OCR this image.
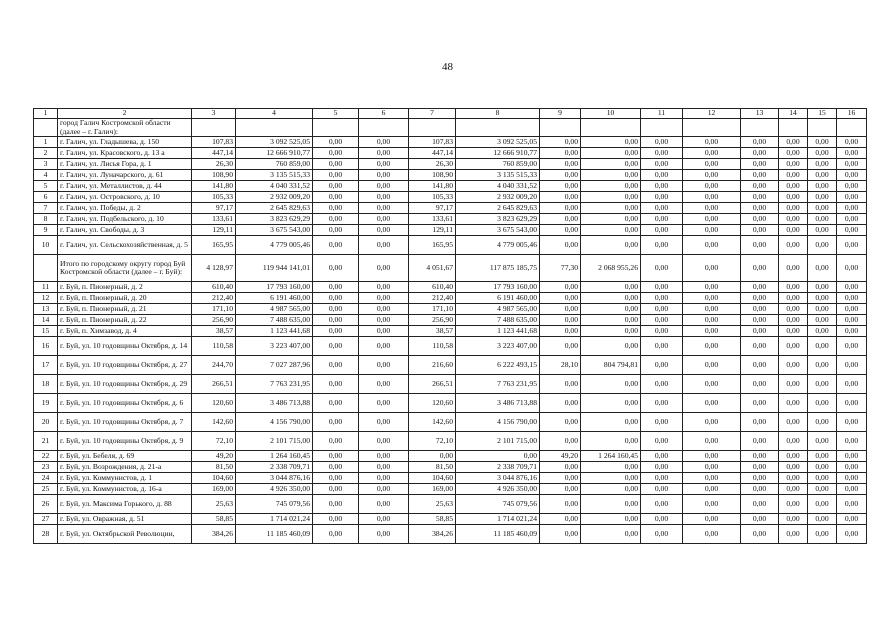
48
1	2	3	4	5	6	7	8	9	10	11	12	13	14	15	16
	город Галич Костромской области (далее – г. Галич):														
1	г. Галич, ул. Гладышева, д. 150	107,83	3 092 525,05	0,00	0,00	107,83	3 092 525,05	0,00	0,00	0,00	0,00	0,00	0,00	0,00	0,00
2	г. Галич, ул. Красовского, д. 13 а	447,14	12 666 910,77	0,00	0,00	447,14	12 666 910,77	0,00	0,00	0,00	0,00	0,00	0,00	0,00	0,00
3	г. Галич, ул. Лисья Гора, д. 1	26,30	760 859,00	0,00	0,00	26,30	760 859,00	0,00	0,00	0,00	0,00	0,00	0,00	0,00	0,00
4	г. Галич, ул. Луначарского, д. 61	108,90	3 135 515,33	0,00	0,00	108,90	3 135 515,33	0,00	0,00	0,00	0,00	0,00	0,00	0,00	0,00
5	г. Галич, ул. Металлистов, д. 44	141,80	4 040 331,52	0,00	0,00	141,80	4 040 331,52	0,00	0,00	0,00	0,00	0,00	0,00	0,00	0,00
6	г. Галич, ул. Островского, д. 10	105,33	2 932 009,20	0,00	0,00	105,33	2 932 009,20	0,00	0,00	0,00	0,00	0,00	0,00	0,00	0,00
7	г. Галич, ул. Победы, д. 2	97,17	2 645 829,63	0,00	0,00	97,17	2 645 829,63	0,00	0,00	0,00	0,00	0,00	0,00	0,00	0,00
8	г. Галич, ул. Подбельского, д. 10	133,61	3 823 629,29	0,00	0,00	133,61	3 823 629,29	0,00	0,00	0,00	0,00	0,00	0,00	0,00	0,00
9	г. Галич, ул. Свободы, д. 3	129,11	3 675 543,00	0,00	0,00	129,11	3 675 543,00	0,00	0,00	0,00	0,00	0,00	0,00	0,00	0,00
10	г. Галич, ул. Сельскохозяйственная, д. 5	165,95	4 779 005,46	0,00	0,00	165,95	4 779 005,46	0,00	0,00	0,00	0,00	0,00	0,00	0,00	0,00
	Итого по городскому округу город Буй Костромской области (далее – г. Буй):	4 128,97	119 944 141,01	0,00	0,00	4 051,67	117 875 185,75	77,30	2 068 955,26	0,00	0,00	0,00	0,00	0,00	0,00
11	г. Буй, п. Пионерный, д. 2	610,40	17 793 160,00	0,00	0,00	610,40	17 793 160,00	0,00	0,00	0,00	0,00	0,00	0,00	0,00	0,00
12	г. Буй, п. Пионерный, д. 20	212,40	6 191 460,00	0,00	0,00	212,40	6 191 460,00	0,00	0,00	0,00	0,00	0,00	0,00	0,00	0,00
13	г. Буй, п. Пионерный, д. 21	171,10	4 987 565,00	0,00	0,00	171,10	4 987 565,00	0,00	0,00	0,00	0,00	0,00	0,00	0,00	0,00
14	г. Буй, п. Пионерный, д. 22	256,90	7 488 635,00	0,00	0,00	256,90	7 488 635,00	0,00	0,00	0,00	0,00	0,00	0,00	0,00	0,00
15	г. Буй, п. Химзавод, д. 4	38,57	1 123 441,68	0,00	0,00	38,57	1 123 441,68	0,00	0,00	0,00	0,00	0,00	0,00	0,00	0,00
16	г. Буй, ул. 10 годовщины Октября, д. 14	110,58	3 223 407,00	0,00	0,00	110,58	3 223 407,00	0,00	0,00	0,00	0,00	0,00	0,00	0,00	0,00
17	г. Буй, ул. 10 годовщины Октября, д. 27	244,70	7 027 287,96	0,00	0,00	216,60	6 222 493,15	28,10	804 794,81	0,00	0,00	0,00	0,00	0,00	0,00
18	г. Буй, ул. 10 годовщины Октября, д. 29	266,51	7 763 231,95	0,00	0,00	266,51	7 763 231,95	0,00	0,00	0,00	0,00	0,00	0,00	0,00	0,00
19	г. Буй, ул. 10 годовщины Октября, д. 6	120,60	3 486 713,88	0,00	0,00	120,60	3 486 713,88	0,00	0,00	0,00	0,00	0,00	0,00	0,00	0,00
20	г. Буй, ул. 10 годовщины Октября, д. 7	142,60	4 156 790,00	0,00	0,00	142,60	4 156 790,00	0,00	0,00	0,00	0,00	0,00	0,00	0,00	0,00
21	г. Буй, ул. 10 годовщины Октября, д. 9	72,10	2 101 715,00	0,00	0,00	72,10	2 101 715,00	0,00	0,00	0,00	0,00	0,00	0,00	0,00	0,00
22	г. Буй, ул. Бебеля, д. 69	49,20	1 264 160,45	0,00	0,00	0,00	0,00	49,20	1 264 160,45	0,00	0,00	0,00	0,00	0,00	0,00
23	г. Буй, ул. Возрождения, д. 21-а	81,50	2 338 709,71	0,00	0,00	81,50	2 338 709,71	0,00	0,00	0,00	0,00	0,00	0,00	0,00	0,00
24	г. Буй, ул. Коммунистов, д. 1	104,60	3 044 876,16	0,00	0,00	104,60	3 044 876,16	0,00	0,00	0,00	0,00	0,00	0,00	0,00	0,00
25	г. Буй, ул. Коммунистов, д. 16-а	169,00	4 926 350,00	0,00	0,00	169,00	4 926 350,00	0,00	0,00	0,00	0,00	0,00	0,00	0,00	0,00
26	г. Буй, ул. Максима Горького, д. 88	25,63	745 079,56	0,00	0,00	25,63	745 079,56	0,00	0,00	0,00	0,00	0,00	0,00	0,00	0,00
27	г. Буй, ул. Овражная, д. 51	58,85	1 714 021,24	0,00	0,00	58,85	1 714 021,24	0,00	0,00	0,00	0,00	0,00	0,00	0,00	0,00
28	г. Буй, ул. Октябрьской Революции,	384,26	11 185 460,09	0,00	0,00	384,26	11 185 460,09	0,00	0,00	0,00	0,00	0,00	0,00	0,00	0,00
